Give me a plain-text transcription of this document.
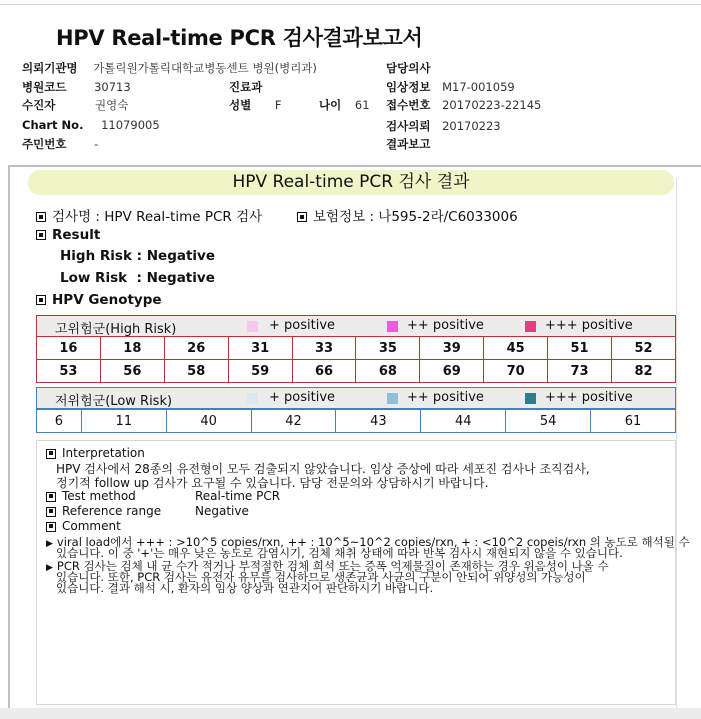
HPV Real-time PCR 검사결과보고서
의뢰기관명 가톨릭원가톨릭대학교병동센트 병원(병리과)	담당의사
병원코드 30713	진료과	임상정보 M17-001059
수진자	권영숙	성별 F	나이 61 접수번호 20170223-22145
Chart No. 11079005	검사의뢰 20170223
주민번호 -	결과보고
HPV Real-time PCR 검사 결과
검사명 : HPV Real-time PCR 검사	보험정보 : 나595-2라/C6033006
Result
High Risk : Negative
Low Risk  : Negative
HPV Genotype
고위험군(High Risk)	+ positive	++ positive	+++ positive
16	18	26	31	33	35	39	45	51	52
53	56	58	59	66	68	69	70	73	82
저위험군(Low Risk)	+ positive	++ positive	+++ positive
6	11	40	42	43	44	54	61
Interpretation
HPV 검사에서 28종의 유전형이 모두 검출되지 않았습니다. 임상 증상에 따라 세포진 검사나 조직검사,
정기적 follow up 검사가 요구될 수 있습니다. 담당 전문의와 상담하시기 바랍니다.
Test method	Real-time PCR
Reference range	Negative
Comment
▶ viral load에서 +++ : >10^5 copies/rxn, ++ : 10^5~10^2 copies/rxn, + : <10^2 copeis/rxn 의 농도로 해석될 수
있습니다. 이 중 '+'는 매우 낮은 농도로 감염시기, 검체 채취 상태에 따라 반복 검사시 재현되지 않을 수 있습니다.
▶ PCR 검사는 검체 내 균 수가 적거나 부적절한 검체 희석 또는 증폭 억제물질이 존재하는 경우 위음성이 나올 수
있습니다. 또한, PCR 검사는 유전자 유무를 검사하므로 생존균과 사균의 구분이 안되어 위양성의 가능성이
있습니다. 결과 해석 시, 환자의 임상 양상과 연관지어 판단하시기 바랍니다.
